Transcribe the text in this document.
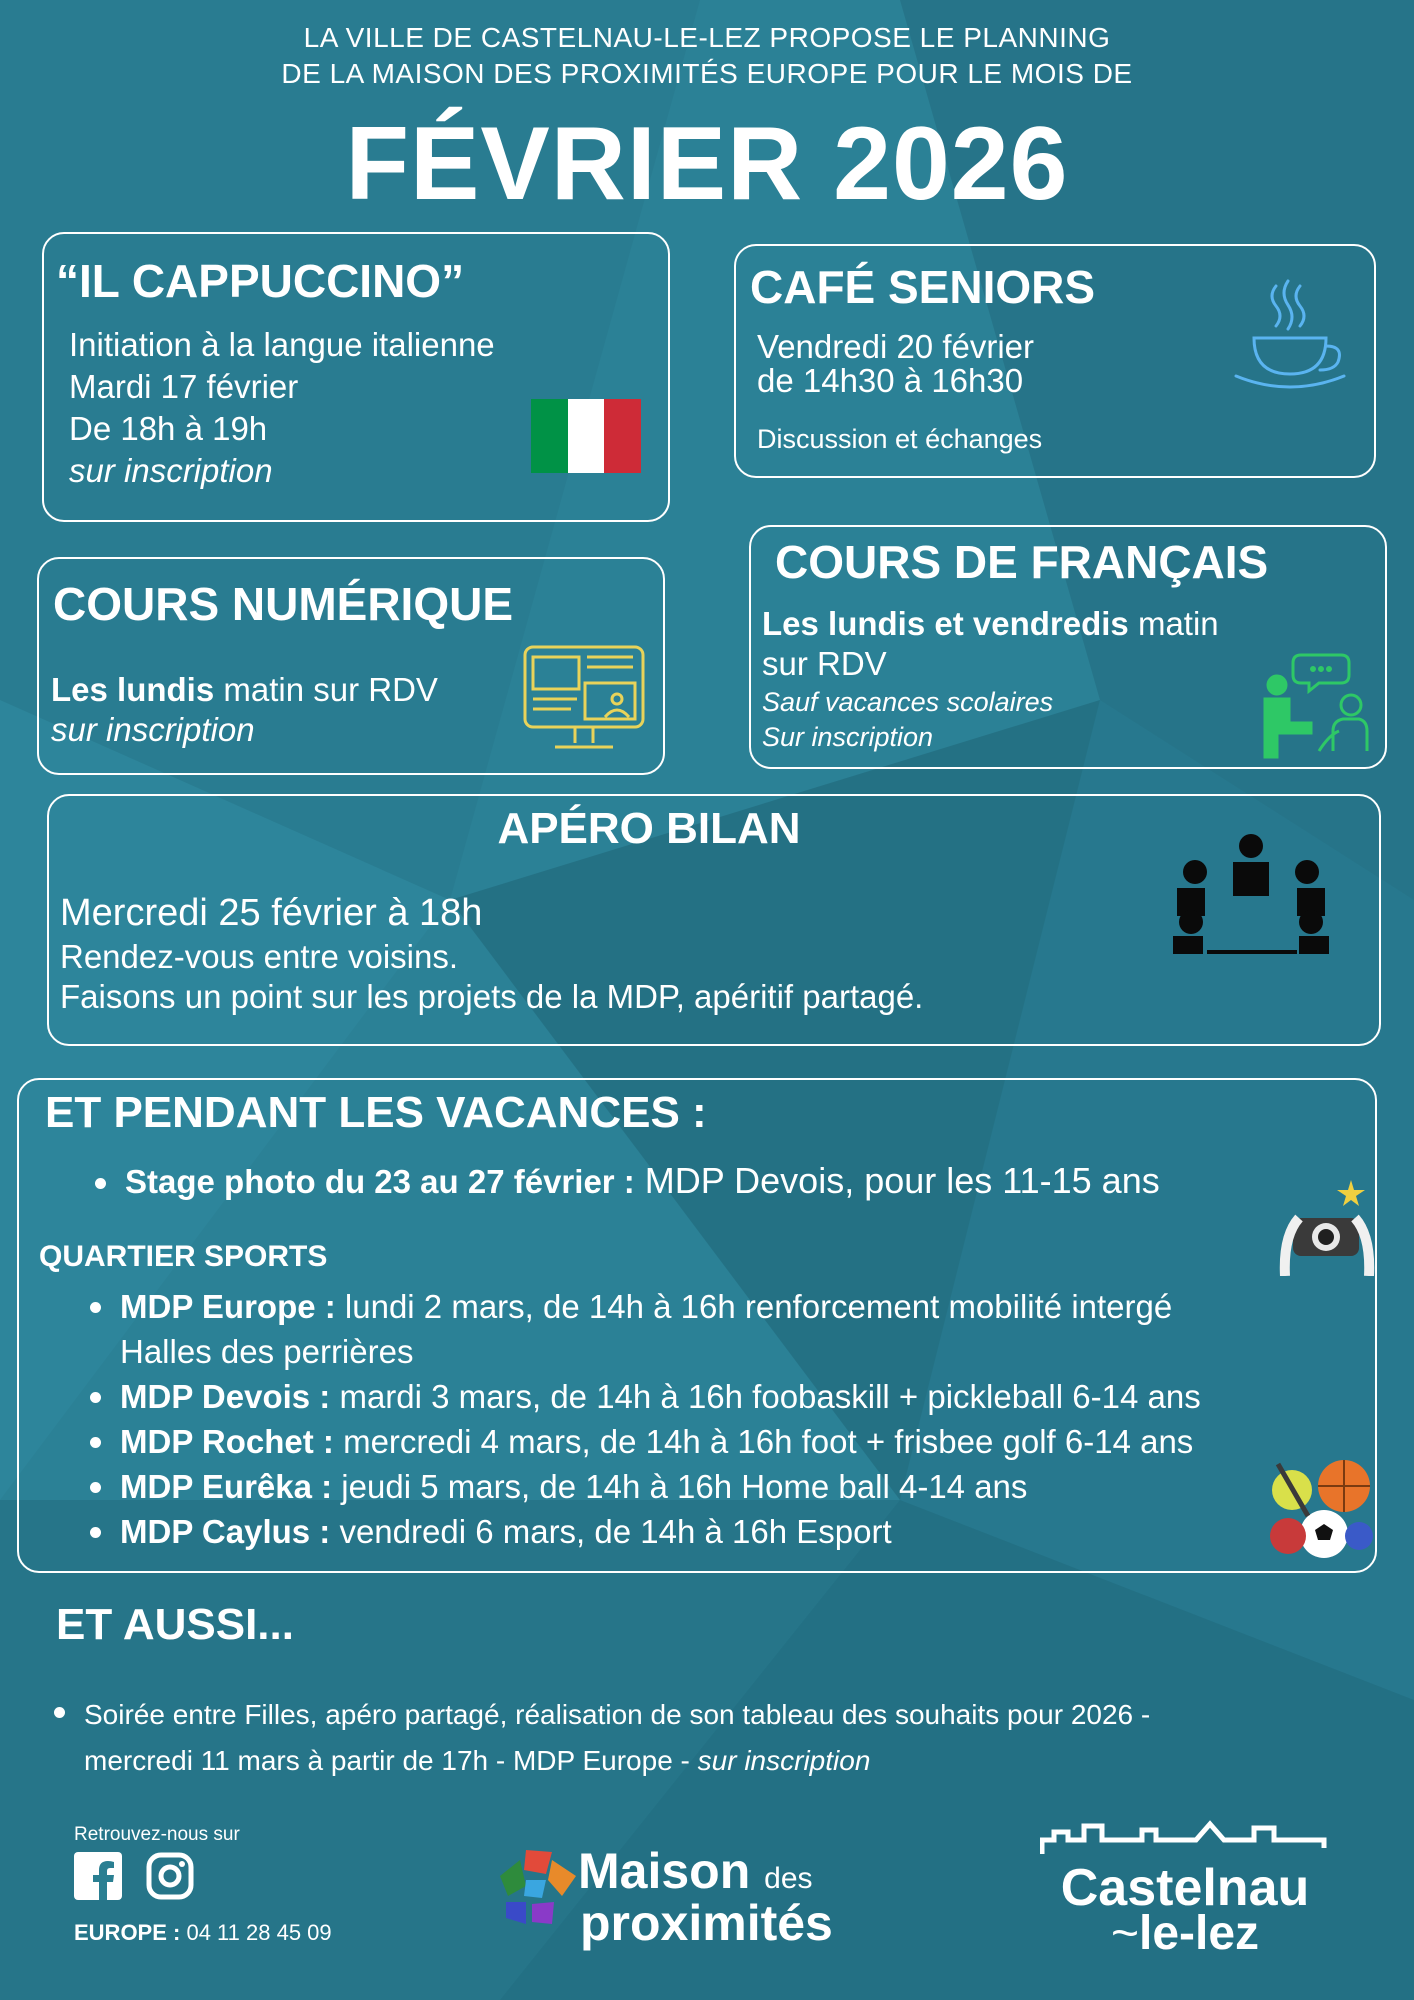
LA VILLE DE CASTELNAU-LE-LEZ PROPOSE LE PLANNING
DE LA MAISON DES PROXIMITÉS EUROPE POUR LE MOIS DE
FÉVRIER 2026
“IL CAPPUCCINO”
Initiation à la langue italienne
Mardi 17 février
De 18h à 19h
sur inscription
CAFÉ SENIORS
Vendredi 20 février
de 14h30 à 16h30
Discussion et échanges
COURS NUMÉRIQUE
Les lundis matin sur RDV
sur inscription
COURS DE FRANÇAIS
Les lundis et vendredis matin
sur RDV
Sauf vacances scolaires
Sur inscription
APÉRO BILAN
Mercredi 25 février à 18h
Rendez-vous entre voisins.
Faisons un point sur les projets de la MDP, apéritif partagé.
ET PENDANT LES VACANCES :
Stage photo du 23 au 27 février : MDP Devois, pour les 11-15 ans
QUARTIER SPORTS
MDP Europe : lundi 2 mars, de 14h à 16h renforcement mobilité intergé
Halles des perrières
MDP Devois : mardi 3 mars, de 14h à 16h foobaskill + pickleball 6-14 ans
MDP Rochet : mercredi 4 mars, de 14h à 16h foot + frisbee golf 6-14 ans
MDP Eurêka : jeudi 5 mars, de 14h à 16h Home ball 4-14 ans
MDP Caylus : vendredi 6 mars, de 14h à 16h Esport
ET AUSSI...
Soirée entre Filles, apéro partagé, réalisation de son tableau des souhaits pour 2026 -
mercredi 11 mars à partir de 17h - MDP Europe - sur inscription
Retrouvez-nous sur
EUROPE : 04 11 28 45 09
Maison des
proximités
Castelnau
~le-lez
